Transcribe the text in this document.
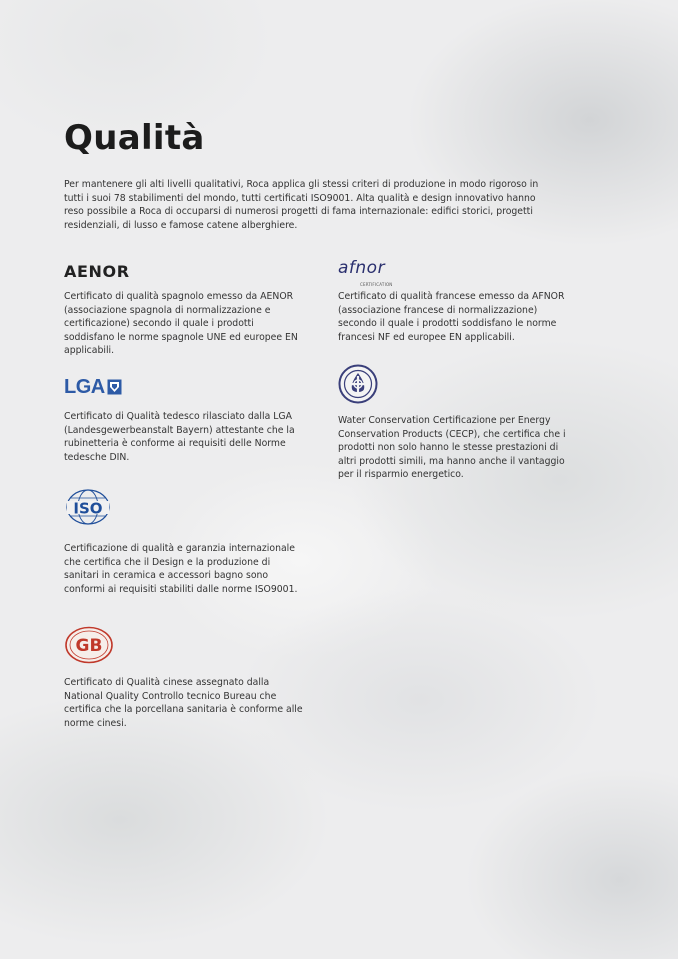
Qualità

Per mantenere gli alti livelli qualitativi, Roca applica gli stessi criteri di produzione in modo rigoroso in tutti i suoi 78 stabilimenti del mondo, tutti certificati ISO9001. Alta qualità e design innovativo hanno reso possibile a Roca di occuparsi di numerosi progetti di fama internazionale: edifici storici, progetti residenziali, di lusso e famose catene alberghiere.

AENOR

Certificato di qualità spagnolo emesso da AENOR (associazione spagnola di normalizzazione e certificazione) secondo il quale i prodotti soddisfano le norme spagnole UNE ed europee EN applicabili.

afnor
CERTIFICATION

Certificato di qualità francese emesso da AFNOR (associazione francese di normalizzazione) secondo il quale i prodotti soddisfano le norme francesi NF ed europee EN applicabili.

LGA

Certificato di Qualità tedesco rilasciato dalla LGA (Landesgewerbeanstalt Bayern) attestante che la rubinetteria è conforme ai requisiti delle Norme tedesche DIN.

Water Conservation Certificazione per Energy Conservation Products (CECP), che certifica che i prodotti non solo hanno le stesse prestazioni di altri prodotti simili, ma hanno anche il vantaggio per il risparmio energetico.

ISO

Certificazione di qualità e garanzia internazionale che certifica che il Design e la produzione di sanitari in ceramica e accessori bagno sono conformi ai requisiti stabiliti dalle norme ISO9001.

GB

Certificato di Qualità cinese assegnato dalla National Quality Controllo tecnico Bureau che certifica che la porcellana sanitaria è conforme alle norme cinesi.
